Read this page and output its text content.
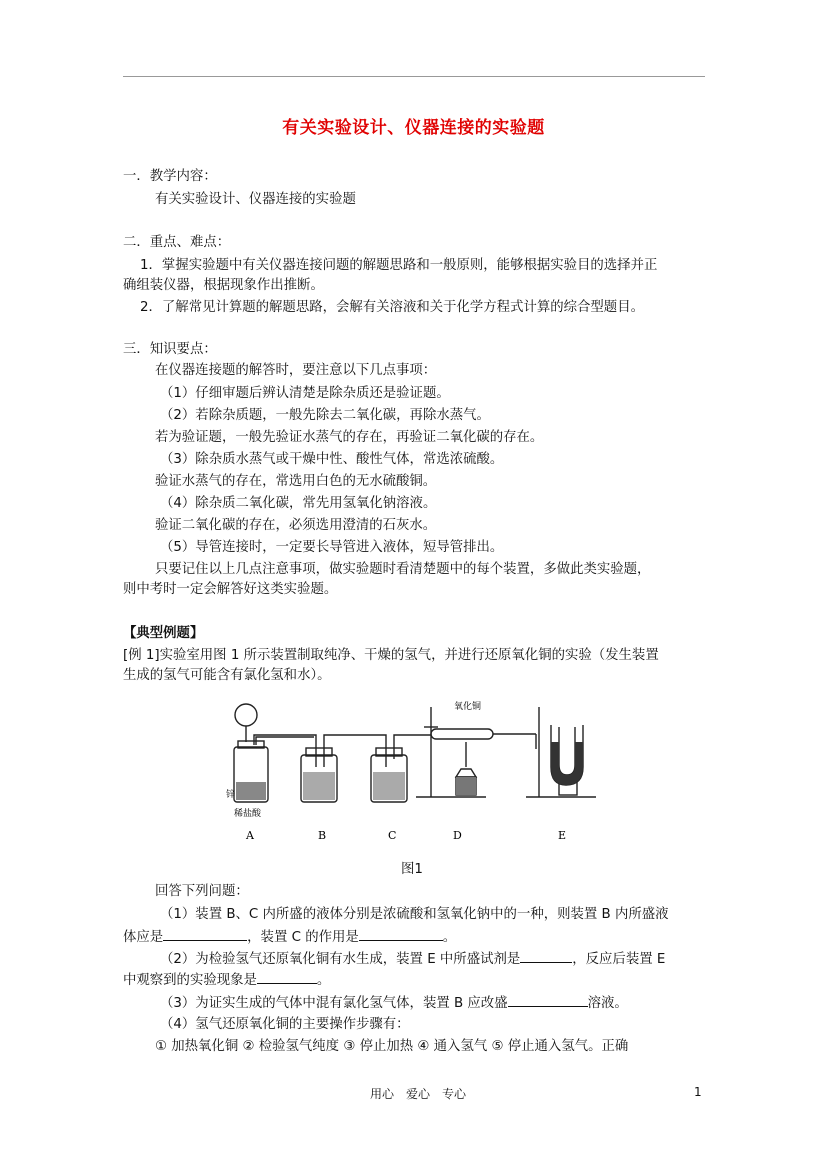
有关实验设计、仪器连接的实验题
一．教学内容：
有关实验设计、仪器连接的实验题
二．重点、难点：
1．掌握实验题中有关仪器连接问题的解题思路和一般原则，能够根据实验目的选择并正
确组装仪器，根据现象作出推断。
2．了解常见计算题的解题思路，会解有关溶液和关于化学方程式计算的综合型题目。
三．知识要点：
在仪器连接题的解答时，要注意以下几点事项：
（1）仔细审题后辨认清楚是除杂质还是验证题。
（2）若除杂质题，一般先除去二氧化碳，再除水蒸气。
若为验证题，一般先验证水蒸气的存在，再验证二氧化碳的存在。
（3）除杂质水蒸气或干燥中性、酸性气体，常选浓硫酸。
验证水蒸气的存在，常选用白色的无水硫酸铜。
（4）除杂质二氧化碳，常先用氢氧化钠溶液。
验证二氧化碳的存在，必须选用澄清的石灰水。
（5）导管连接时，一定要长导管进入液体，短导管排出。
只要记住以上几点注意事项，做实验题时看清楚题中的每个装置，多做此类实验题，
则中考时一定会解答好这类实验题。
【典型例题】
[例 1]实验室用图 1 所示装置制取纯净、干燥的氢气，并进行还原氧化铜的实验（发生装置
生成的氢气可能含有氯化氢和水）。
锌
稀盐酸
氧化铜
A	B	C	D	E
图1
回答下列问题：
（1）装置 B、C 内所盛的液体分别是浓硫酸和氢氧化钠中的一种，则装置 B 内所盛液
体应是	，装置 C 的作用是	。
（2）为检验氢气还原氧化铜有水生成，装置 E 中所盛试剂是	，反应后装置 E
中观察到的实验现象是	。
（3）为证实生成的气体中混有氯化氢气体，装置 B 应改盛	溶液。
（4）氢气还原氧化铜的主要操作步骤有：
① 加热氧化铜 ② 检验氢气纯度 ③ 停止加热 ④ 通入氢气 ⑤ 停止通入氢气。正确
用心　爱心　专心	1
